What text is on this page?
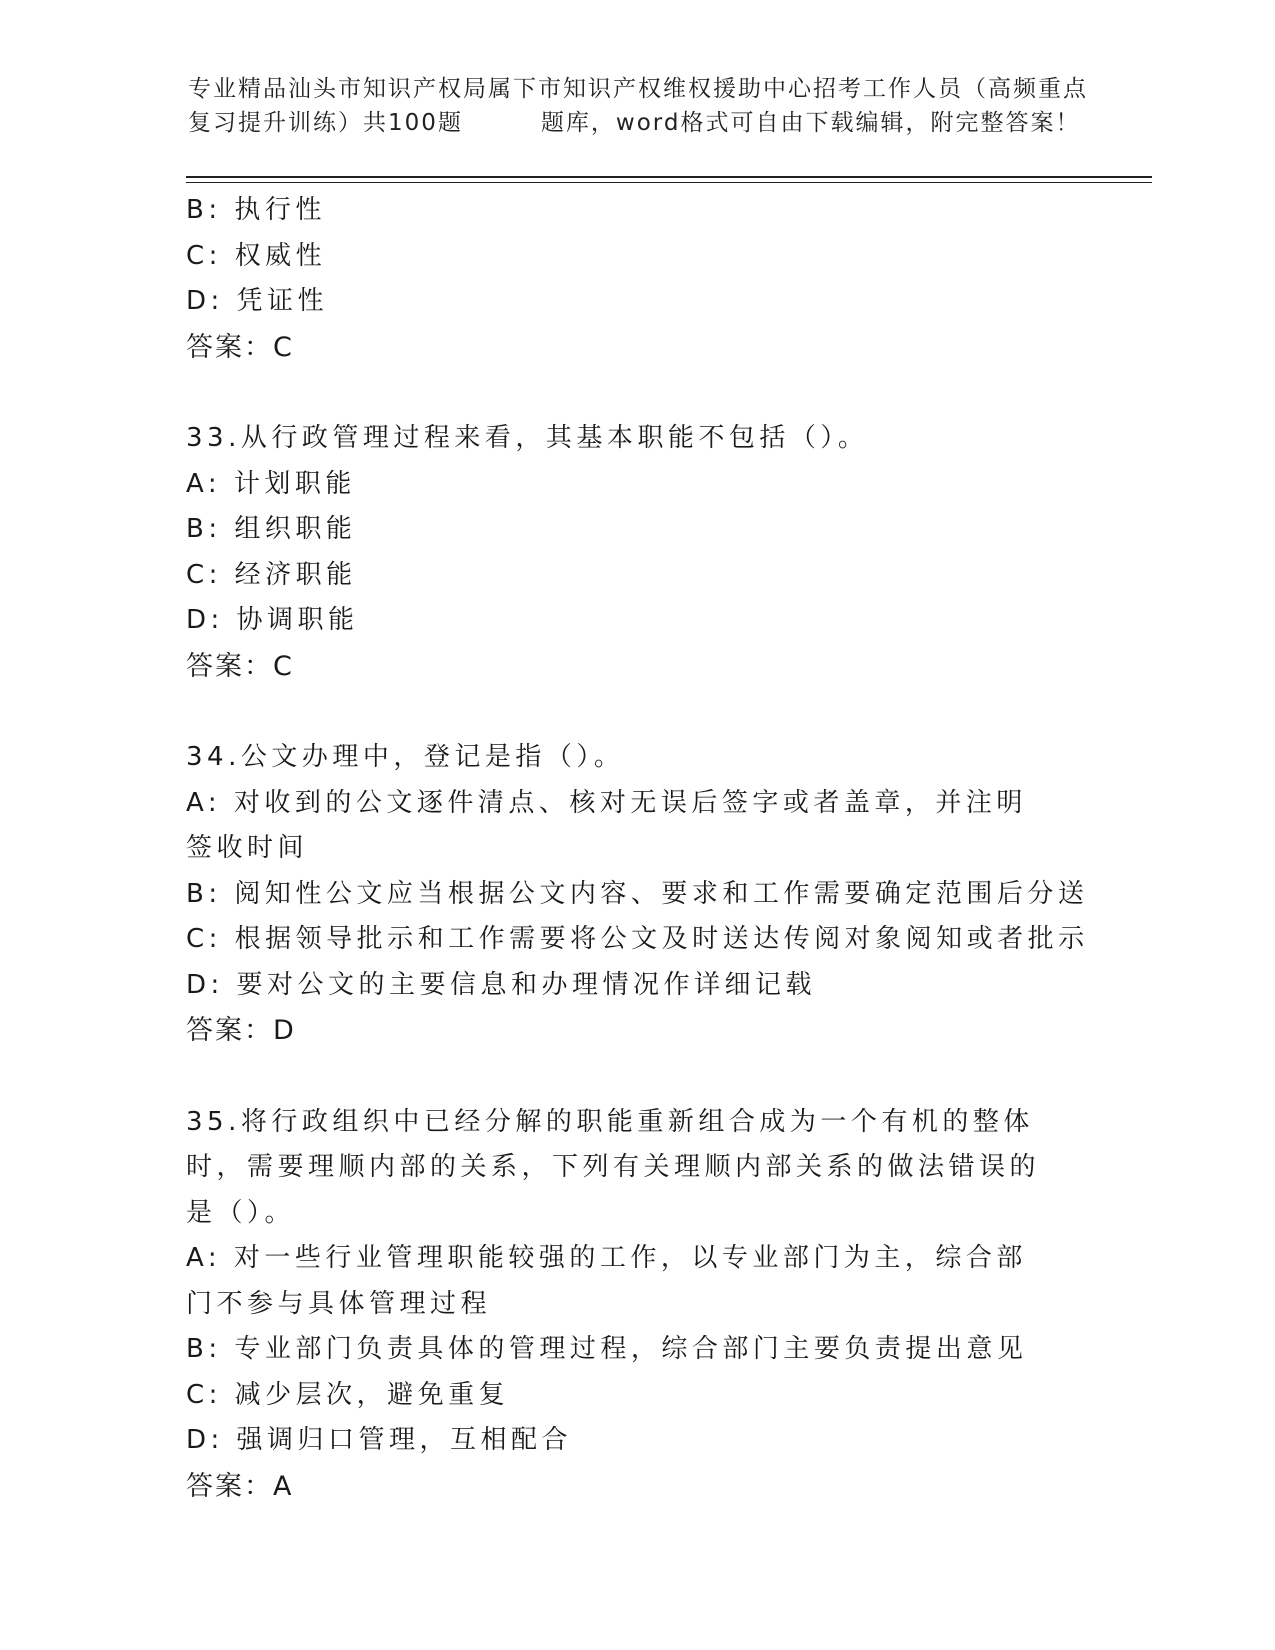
专业精品汕头市知识产权局属下市知识产权维权援助中心招考工作人员（高频重点
复习提升训练）共100题	题库，word格式可自由下载编辑，附完整答案！
B: 执行性
C: 权威性
D: 凭证性
答案：C
33.从行政管理过程来看，其基本职能不包括（）。
A: 计划职能
B: 组织职能
C: 经济职能
D: 协调职能
答案：C
34.公文办理中，登记是指（）。
A: 对收到的公文逐件清点、核对无误后签字或者盖章，并注明签收时间
B: 阅知性公文应当根据公文内容、要求和工作需要确定范围后分送
C: 根据领导批示和工作需要将公文及时送达传阅对象阅知或者批示
D: 要对公文的主要信息和办理情况作详细记载
答案：D
35.将行政组织中已经分解的职能重新组合成为一个有机的整体时，需要理顺内部的关系，下列有关理顺内部关系的做法错误的是（）。
A: 对一些行业管理职能较强的工作，以专业部门为主，综合部门不参与具体管理过程
B: 专业部门负责具体的管理过程，综合部门主要负责提出意见
C: 减少层次，避免重复
D: 强调归口管理，互相配合
答案：A
